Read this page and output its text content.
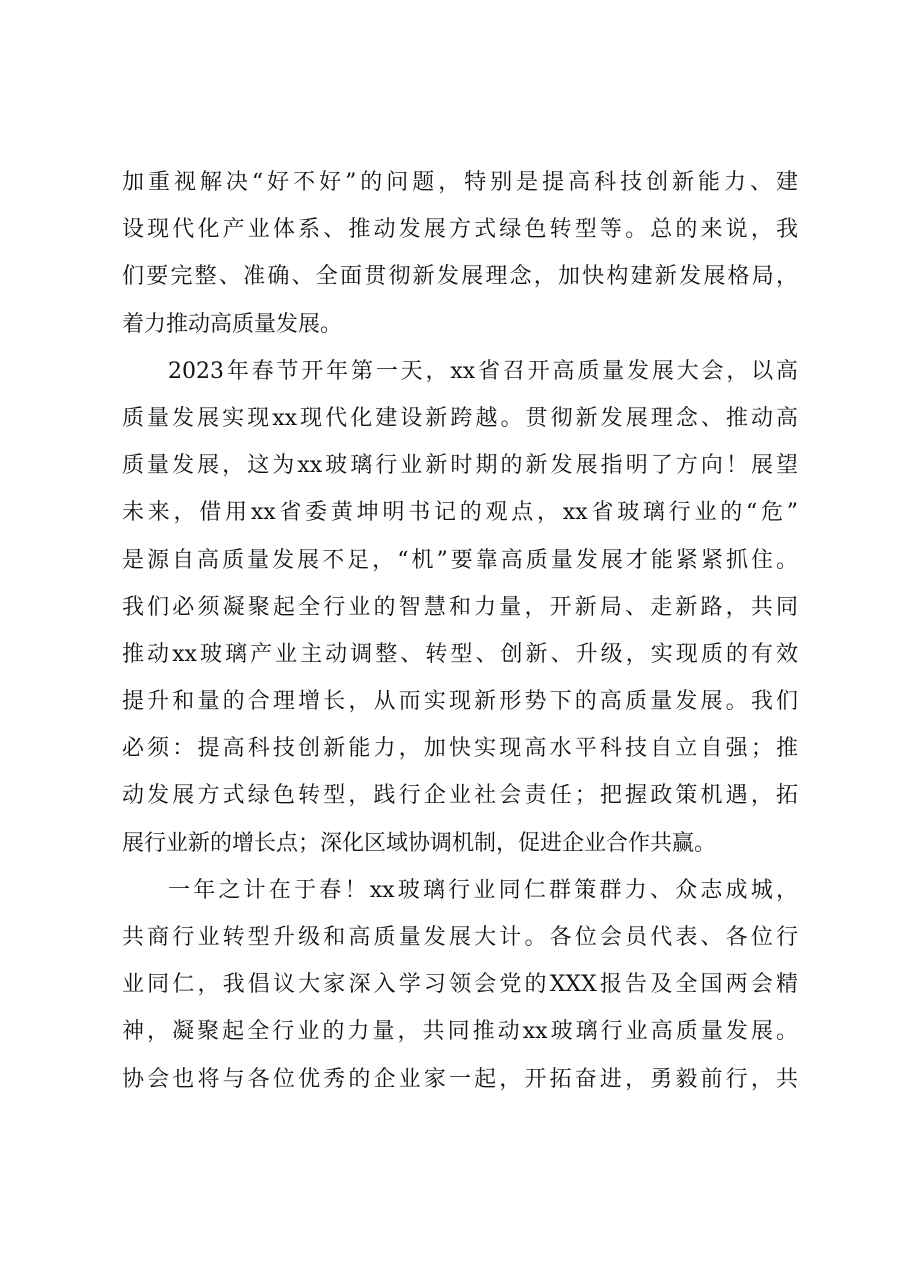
加重视解决“好不好”的问题，特别是提高科技创新能力、建
设现代化产业体系、推动发展方式绿色转型等。总的来说，我
们要完整、准确、全面贯彻新发展理念，加快构建新发展格局，
着力推动高质量发展。
2023年春节开年第一天，xx省召开高质量发展大会，以高
质量发展实现xx现代化建设新跨越。贯彻新发展理念、推动高
质量发展，这为xx玻璃行业新时期的新发展指明了方向！展望
未来，借用xx省委黄坤明书记的观点，xx省玻璃行业的“危”
是源自高质量发展不足，“机”要靠高质量发展才能紧紧抓住。
我们必须凝聚起全行业的智慧和力量，开新局、走新路，共同
推动xx玻璃产业主动调整、转型、创新、升级，实现质的有效
提升和量的合理增长，从而实现新形势下的高质量发展。我们
必须：提高科技创新能力，加快实现高水平科技自立自强；推
动发展方式绿色转型，践行企业社会责任；把握政策机遇，拓
展行业新的增长点；深化区域协调机制，促进企业合作共赢。
一年之计在于春！xx玻璃行业同仁群策群力、众志成城，
共商行业转型升级和高质量发展大计。各位会员代表、各位行
业同仁，我倡议大家深入学习领会党的XXX报告及全国两会精
神，凝聚起全行业的力量，共同推动xx玻璃行业高质量发展。
协会也将与各位优秀的企业家一起，开拓奋进，勇毅前行，共
